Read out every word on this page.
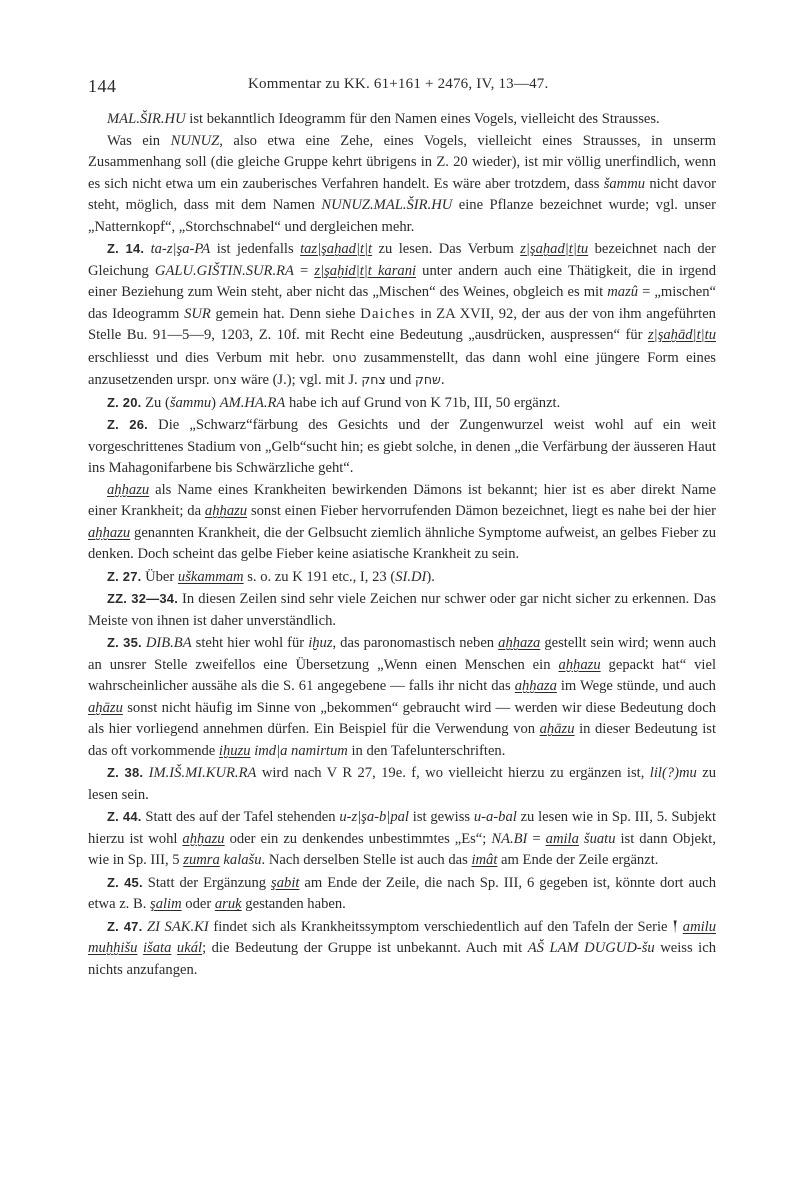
144	Kommentar zu KK. 61+161 + 2476, IV, 13—47.

MAL.ŠIR.HU ist bekanntlich Ideogramm für den Namen eines Vogels, vielleicht des Strausses.

Was ein NUNUZ, also etwa eine Zehe, eines Vogels, vielleicht eines Strausses, in unserm Zusammenhang soll (die gleiche Gruppe kehrt übrigens in Z. 20 wieder), ist mir völlig unerfindlich, wenn es sich nicht etwa um ein zauberisches Verfahren handelt. Es wäre aber trotzdem, dass šammu nicht davor steht, möglich, dass mit dem Namen NUNUZ.MAL.ŠIR.HU eine Pflanze bezeichnet wurde; vgl. unser „Natternkopf“, „Storchschnabel“ und dergleichen mehr.

Z. 14. ta-z|şa-PA ist jedenfalls taz|şaḫad|t|t zu lesen. Das Verbum z|şaḫad|t|tu bezeichnet nach der Gleichung GALU.GIŠTIN.SUR.RA = z|şaḫid|t|t karani unter andern auch eine Thätigkeit, die in irgend einer Beziehung zum Wein steht, aber nicht das „Mischen“ des Weines, obgleich es mit mazû = „mischen“ das Ideogramm SUR gemein hat. Denn siehe Daiches in ZA XVII, 92, der aus der von ihm angeführten Stelle Bu. 91—5—9, 1203, Z. 10f. mit Recht eine Bedeutung „ausdrücken, auspressen“ für z|şaḫād|t|tu erschliesst und dies Verbum mit hebr. טחט zusammenstellt, das dann wohl eine jüngere Form eines anzusetzenden urspr. צחט wäre (J.); vgl. mit J. צחק und שחק.

Z. 20. Zu (šammu) AM.HA.RA habe ich auf Grund von K 71b, III, 50 ergänzt.

Z. 26. Die „Schwarz“färbung des Gesichts und der Zungenwurzel weist wohl auf ein weit vorgeschrittenes Stadium von „Gelb“sucht hin; es giebt solche, in denen „die Verfärbung der äusseren Haut ins Mahagonifarbene bis Schwärzliche geht“.

aḫḫazu als Name eines Krankheiten bewirkenden Dämons ist bekannt; hier ist es aber direkt Name einer Krankheit; da aḫḫazu sonst einen Fieber hervorrufenden Dämon bezeichnet, liegt es nahe bei der hier aḫḫazu genannten Krankheit, die der Gelbsucht ziemlich ähnliche Symptome aufweist, an gelbes Fieber zu denken. Doch scheint das gelbe Fieber keine asiatische Krankheit zu sein.

Z. 27. Über uškammam s. o. zu K 191 etc., I, 23 (SI.DI).

ZZ. 32—34. In diesen Zeilen sind sehr viele Zeichen nur schwer oder gar nicht sicher zu erkennen. Das Meiste von ihnen ist daher unverständlich.

Z. 35. DIB.BA steht hier wohl für iḫuz, das paronomastisch neben aḫḫaza gestellt sein wird; wenn auch an unsrer Stelle zweifellos eine Übersetzung „Wenn einen Menschen ein aḫḫazu gepackt hat“ viel wahrscheinlicher aussähe als die S. 61 angegebene — falls ihr nicht das aḫḫaza im Wege stünde, und auch aḫāzu sonst nicht häufig im Sinne von „bekommen“ gebraucht wird — werden wir diese Bedeutung doch als hier vorliegend annehmen dürfen. Ein Beispiel für die Verwendung von aḫāzu in dieser Bedeutung ist das oft vorkommende iḫuzu imd|a namirtum in den Tafelunterschriften.

Z. 38. IM.IŠ.MI.KUR.RA wird nach V R 27, 19e. f, wo vielleicht hierzu zu ergänzen ist, lil(?)mu zu lesen sein.

Z. 44. Statt des auf der Tafel stehenden u-z|şa-b|pal ist gewiss u-a-bal zu lesen wie in Sp. III, 5. Subjekt hierzu ist wohl aḫḫazu oder ein zu denkendes unbestimmtes „Es“; NA.BI = amila šuatu ist dann Objekt, wie in Sp. III, 5 zumra kalašu. Nach derselben Stelle ist auch das imât am Ende der Zeile ergänzt.

Z. 45. Statt der Ergänzung şabit am Ende der Zeile, die nach Sp. III, 6 gegeben ist, könnte dort auch etwa z. B. şalim oder aruḳ gestanden haben.

Z. 47. ZI SAK.KI findet sich als Krankheitssymptom verschiedentlich auf den Tafeln der Serie 𒁹 amilu muḫḫišu išata ukál; die Bedeutung der Gruppe ist unbekannt. Auch mit AŠ LAM DUGUD-šu weiss ich nichts anzufangen.
